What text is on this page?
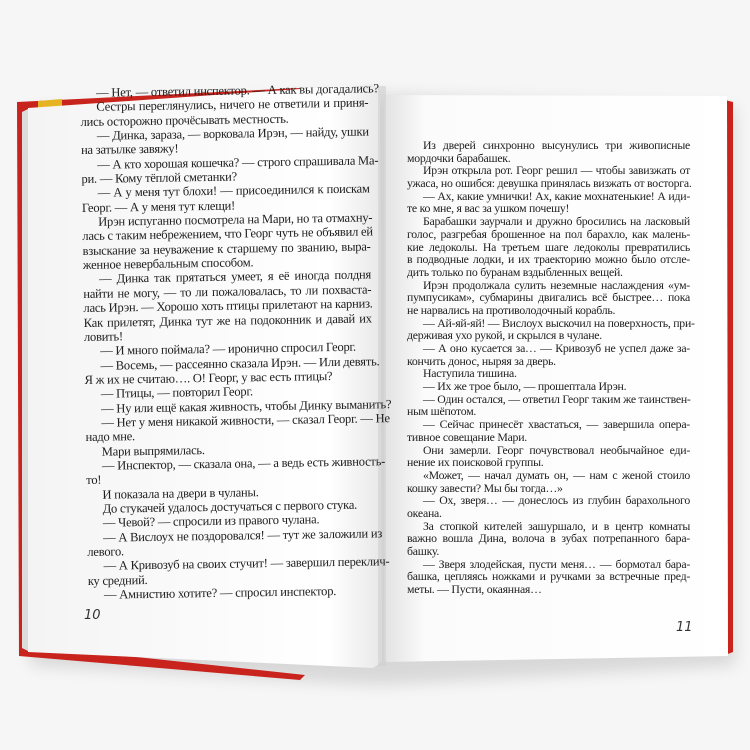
— Нет, — ответил инспектор. — А как вы догадались?
Сестры переглянулись, ничего не ответили и приня-
лись осторожно прочёсывать местность.
— Динка, зараза, — ворковала Ирэн, — найду, ушки
на затылке завяжу!
— А кто хорошая кошечка? — строго спрашивала Ма-
ри. — Кому тёплой сметанки?
— А у меня тут блохи! — присоединился к поискам
Георг. — А у меня тут клещи!
Ирэн испуганно посмотрела на Мари, но та отмахну-
лась с таким небрежением, что Георг чуть не объявил ей
взыскание за неуважение к старшему по званию, выра-
женное невербальным способом.
— Динка так прятаться умеет, я её иногда полдня
найти не могу, — то ли пожаловалась, то ли похваста-
лась Ирэн. — Хорошо хоть птицы прилетают на карниз.
Как прилетят, Динка тут же на подоконник и давай их
ловить!
— И много поймала? — иронично спросил Георг.
— Восемь, — рассеянно сказала Ирэн. — Или девять.
Я ж их не считаю…. О! Георг, у вас есть птицы?
— Птицы, — повторил Георг.
— Ну или ещё какая живность, чтобы Динку выманить?
— Нет у меня никакой живности, — сказал Георг. — Не
надо мне.
Мари выпрямилась.
— Инспектор, — сказала она, — а ведь есть живность-
то!
И показала на двери в чуланы.
До стукачей удалось достучаться с первого стука.
— Чевой? — спросили из правого чулана.
— А Вислоух не поздоровался! — тут же заложили из
левого.
— А Кривозуб на своих стучит! — завершил переклич-
ку средний.
— Амнистию хотите? — спросил инспектор.
Из дверей синхронно высунулись три живописные
мордочки барабашек.
Ирэн открыла рот. Георг решил — чтобы завизжать от
ужаса, но ошибся: девушка принялась визжать от восторга.
— Ах, какие умнички! Ах, какие мохнатенькие! А иди-
те ко мне, я вас за ушком почешу!
Барабашки заурчали и дружно бросились на ласковый
голос, разгребая брошенное на пол барахло, как малень-
кие ледоколы. На третьем шаге ледоколы превратились
в подводные лодки, и их траекторию можно было отсле-
дить только по буранам вздыбленных вещей.
Ирэн продолжала сулить неземные наслаждения «ум-
пумпусикам», субмарины двигались всё быстрее… пока
не нарвались на противолодочный корабль.
— Ай-яй-яй! — Вислоух выскочил на поверхность, при-
держивая ухо рукой, и скрылся в чулане.
— А оно кусается за… — Кривозуб не успел даже за-
кончить донос, ныряя за дверь.
Наступила тишина.
— Их же трое было, — прошептала Ирэн.
— Один остался, — ответил Георг таким же таинствен-
ным шёпотом.
— Сейчас принесёт хвастаться, — завершила опера-
тивное совещание Мари.
Они замерли. Георг почувствовал необычайное еди-
нение их поисковой группы.
«Может, — начал думать он, — нам с женой стоило
кошку завести? Мы бы тогда…»
— Ох, зверя… — донеслось из глубин барахольного
океана.
За стопкой кителей зашуршало, и в центр комнаты
важно вошла Дина, волоча в зубах потрепанного бара-
башку.
— Зверя злодейская, пусти меня… — бормотал бара-
башка, цепляясь ножками и ручками за встречные пред-
меты. — Пусти, окаянная…
10
11
